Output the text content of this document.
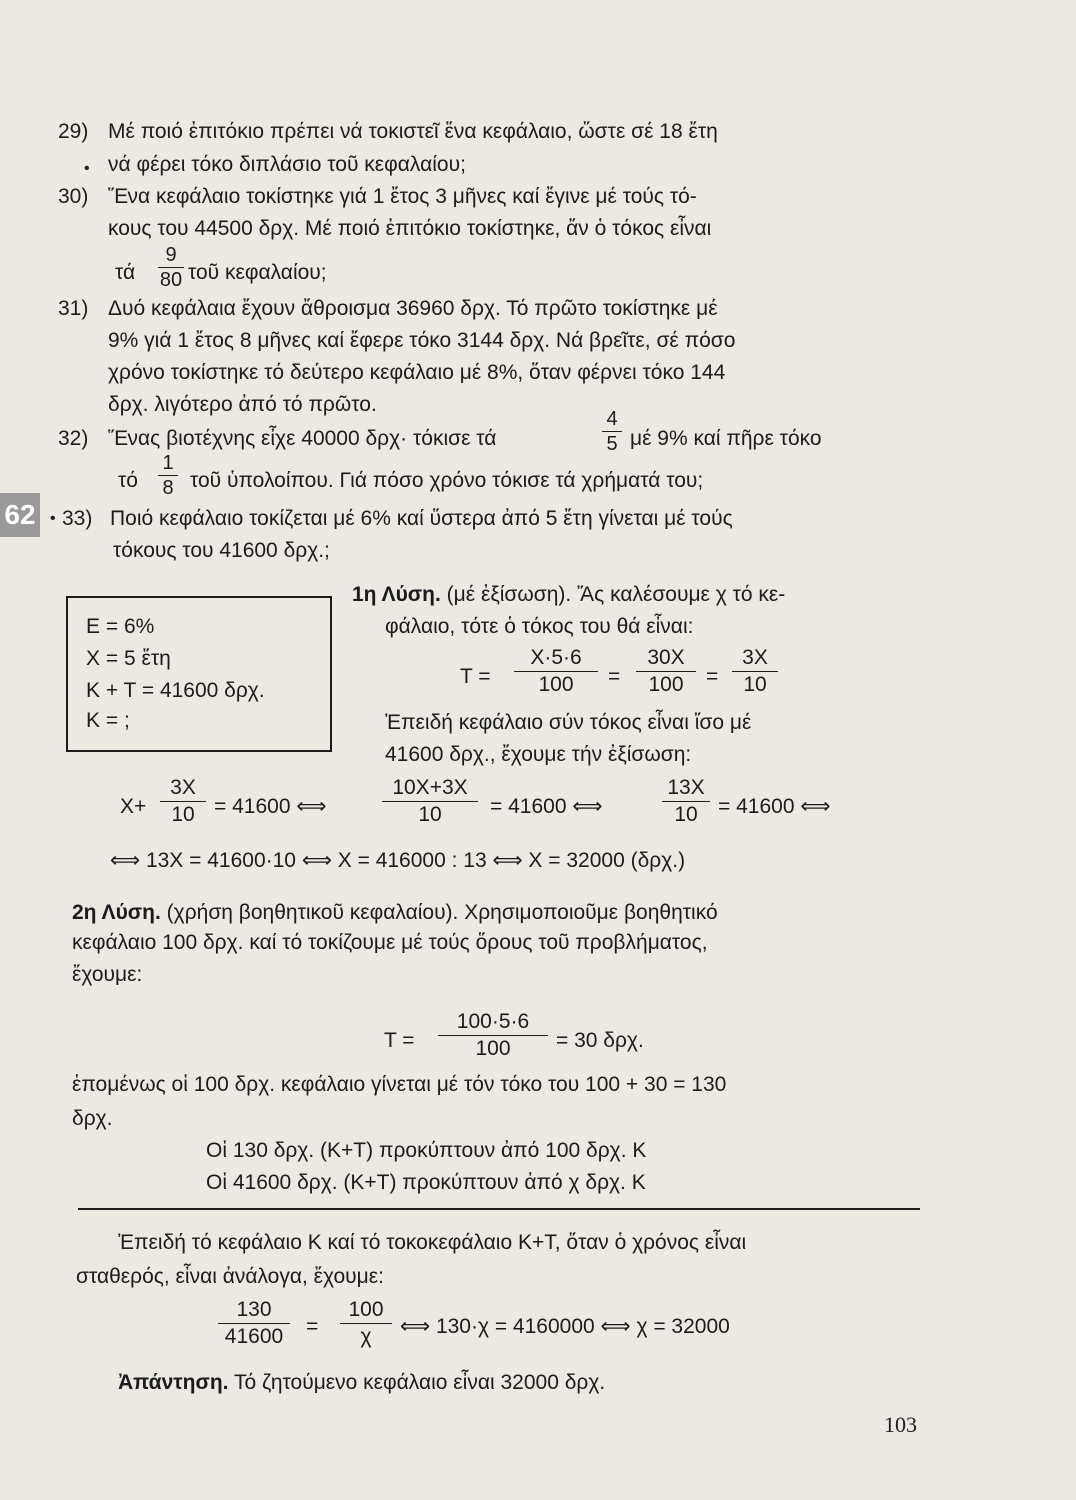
62
29) Μέ ποιό ἐπιτόκιο πρέπει νά τοκιστεῖ ἕνα κεφάλαιο, ὥστε σέ 18 ἔτη
• νά φέρει τόκο διπλάσιο τοῦ κεφαλαίου;
30) Ἕνα κεφάλαιο τοκίστηκε γιά 1 ἔτος 3 μῆνες καί ἔγινε μέ τούς τό-
κους του 44500 δρχ. Μέ ποιό ἐπιτόκιο τοκίστηκε, ἄν ὁ τόκος εἶναι
τά
9
80 τοῦ κεφαλαίου;
31) Δυό κεφάλαια ἔχουν ἄθροισμα 36960 δρχ. Τό πρῶτο τοκίστηκε μέ
9% γιά 1 ἔτος 8 μῆνες καί ἔφερε τόκο 3144 δρχ. Νά βρεῖτε, σέ πόσο
χρόνο τοκίστηκε τό δεύτερο κεφάλαιο μέ 8%, ὅταν φέρνει τόκο 144
δρχ. λιγότερο ἀπό τό πρῶτο.
32) Ἕνας βιοτέχνης εἶχε 40000 δρχ· τόκισε τά
4
5 μέ 9% καί πῆρε τόκο
τό
1
8 τοῦ ὑπολοίπου. Γιά πόσο χρόνο τόκισε τά χρήματά του;
• 33) Ποιό κεφάλαιο τοκίζεται μέ 6% καί ὕστερα ἀπό 5 ἔτη γίνεται μέ τούς
τόκους του 41600 δρχ.;
Ε = 6%
Χ = 5 ἔτη
Κ + Τ = 41600 δρχ.
Κ = ;
1η Λύση. (μέ ἐξίσωση). Ἄς καλέσουμε χ τό κε-
φάλαιο, τότε ὁ τόκος του θά εἶναι:
Τ =
Χ·5·6
100	=
30Χ
100	=
3Χ
10
Ἐπειδή κεφάλαιο σύν τόκος εἶναι ἴσο μέ
41600 δρχ., ἔχουμε τήν ἐξίσωση:
Χ+
3Χ
10 = 41600 ⟺
10Χ+3Χ
10	= 41600 ⟺
13Χ
10 = 41600 ⟺
⟺ 13Χ = 41600·10 ⟺ Χ = 416000 : 13 ⟺ Χ = 32000 (δρχ.)
2η Λύση. (χρήση βοηθητικοῦ κεφαλαίου). Χρησιμοποιοῦμε βοηθητικό
κεφάλαιο 100 δρχ. καί τό τοκίζουμε μέ τούς ὅρους τοῦ προβλήματος,
ἔχουμε:
Τ =
100·5·6
100	= 30 δρχ.
ἑπομένως οἱ 100 δρχ. κεφάλαιο γίνεται μέ τόν τόκο του 100 + 30 = 130
δρχ.
Οἱ 130 δρχ. (Κ+Τ) προκύπτουν ἀπό 100 δρχ. Κ
Οἱ 41600 δρχ. (Κ+Τ) προκύπτουν ἀπό χ δρχ. Κ
Ἐπειδή τό κεφάλαιο Κ καί τό τοκοκεφάλαιο Κ+Τ, ὅταν ὁ χρόνος εἶναι
σταθερός, εἶναι ἀνάλογα, ἔχουμε:
130
41600	=
100
χ	⟺ 130·χ = 4160000 ⟺ χ = 32000
Ἀπάντηση. Τό ζητούμενο κεφάλαιο εἶναι 32000 δρχ.
103
